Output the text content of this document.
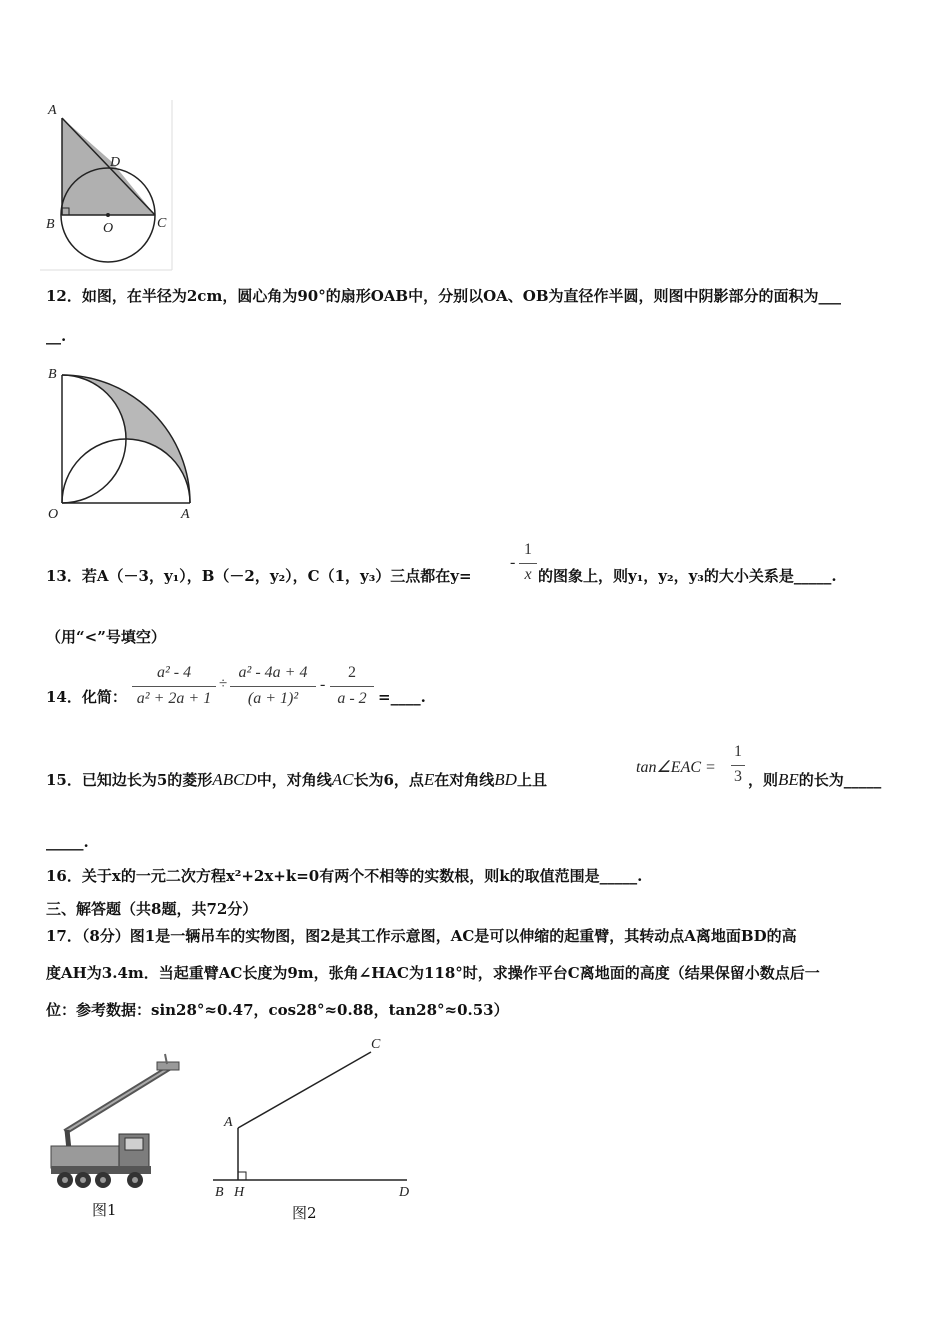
A
D
B	O	C
12．如图，在半径为2cm，圆心角为90°的扇形OAB中，分别以OA、OB为直径作半圆，则图中阴影部分的面积为___
__.
B
O	A
13．若A（－3，y₁），B（－2，y₂），C（1，y₃）三点都在y=
-
1
x 的图象上，则y₁，y₂，y₃的大小关系是_____.
（用“<”号填空）
14．化简：
a² - 4
a² + 2a + 1
÷
a² - 4a + 4
(a + 1)²
-
2
a - 2 =____.
15．已知边长为5的菱形ABCD中，对角线AC长为6，点E在对角线BD上且
tan∠EAC =
1
3 ，则BE的长为_____
_____.
16．关于x的一元二次方程x²+2x+k=0有两个不相等的实数根，则k的取值范围是_____.
三、解答题（共8题，共72分）
17．（8分）图1是一辆吊车的实物图，图2是其工作示意图，AC是可以伸缩的起重臂，其转动点A离地面BD的高
度AH为3.4m．当起重臂AC长度为9m，张角∠HAC为118°时，求操作平台C离地面的高度（结果保留小数点后一
位：参考数据：sin28°≈0.47，cos28°≈0.88，tan28°≈0.53）
图1
C
A
B H	D
图2
